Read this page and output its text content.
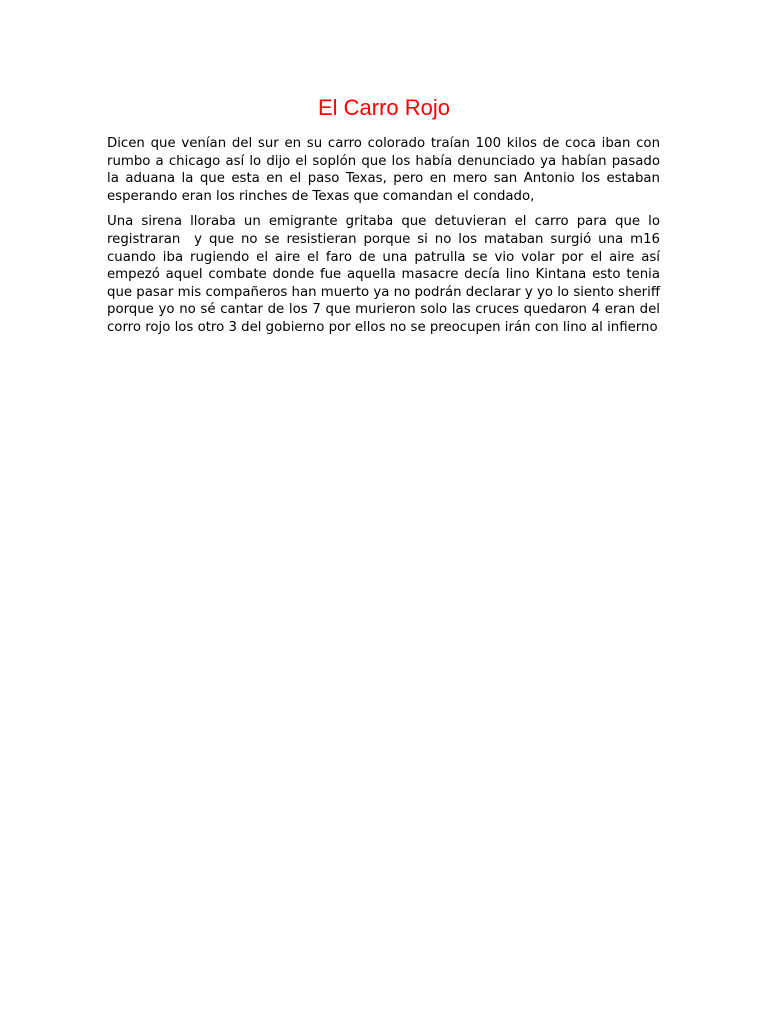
El Carro Rojo

Dicen que venían del sur en su carro colorado traían 100 kilos de coca iban con rumbo a chicago así lo dijo el soplón que los había denunciado ya habían pasado la aduana la que esta en el paso Texas, pero en mero san Antonio los estaban esperando eran los rinches de Texas que comandan el condado,

Una sirena lloraba un emigrante gritaba que detuvieran el carro para que lo registraran  y que no se resistieran porque si no los mataban surgió una m16 cuando iba rugiendo el aire el faro de una patrulla se vio volar por el aire así empezó aquel combate donde fue aquella masacre decía lino Kintana esto tenia que pasar mis compañeros han muerto ya no podrán declarar y yo lo siento sheriff porque yo no sé cantar de los 7 que murieron solo las cruces quedaron 4 eran del corro rojo los otro 3 del gobierno por ellos no se preocupen irán con lino al infierno
